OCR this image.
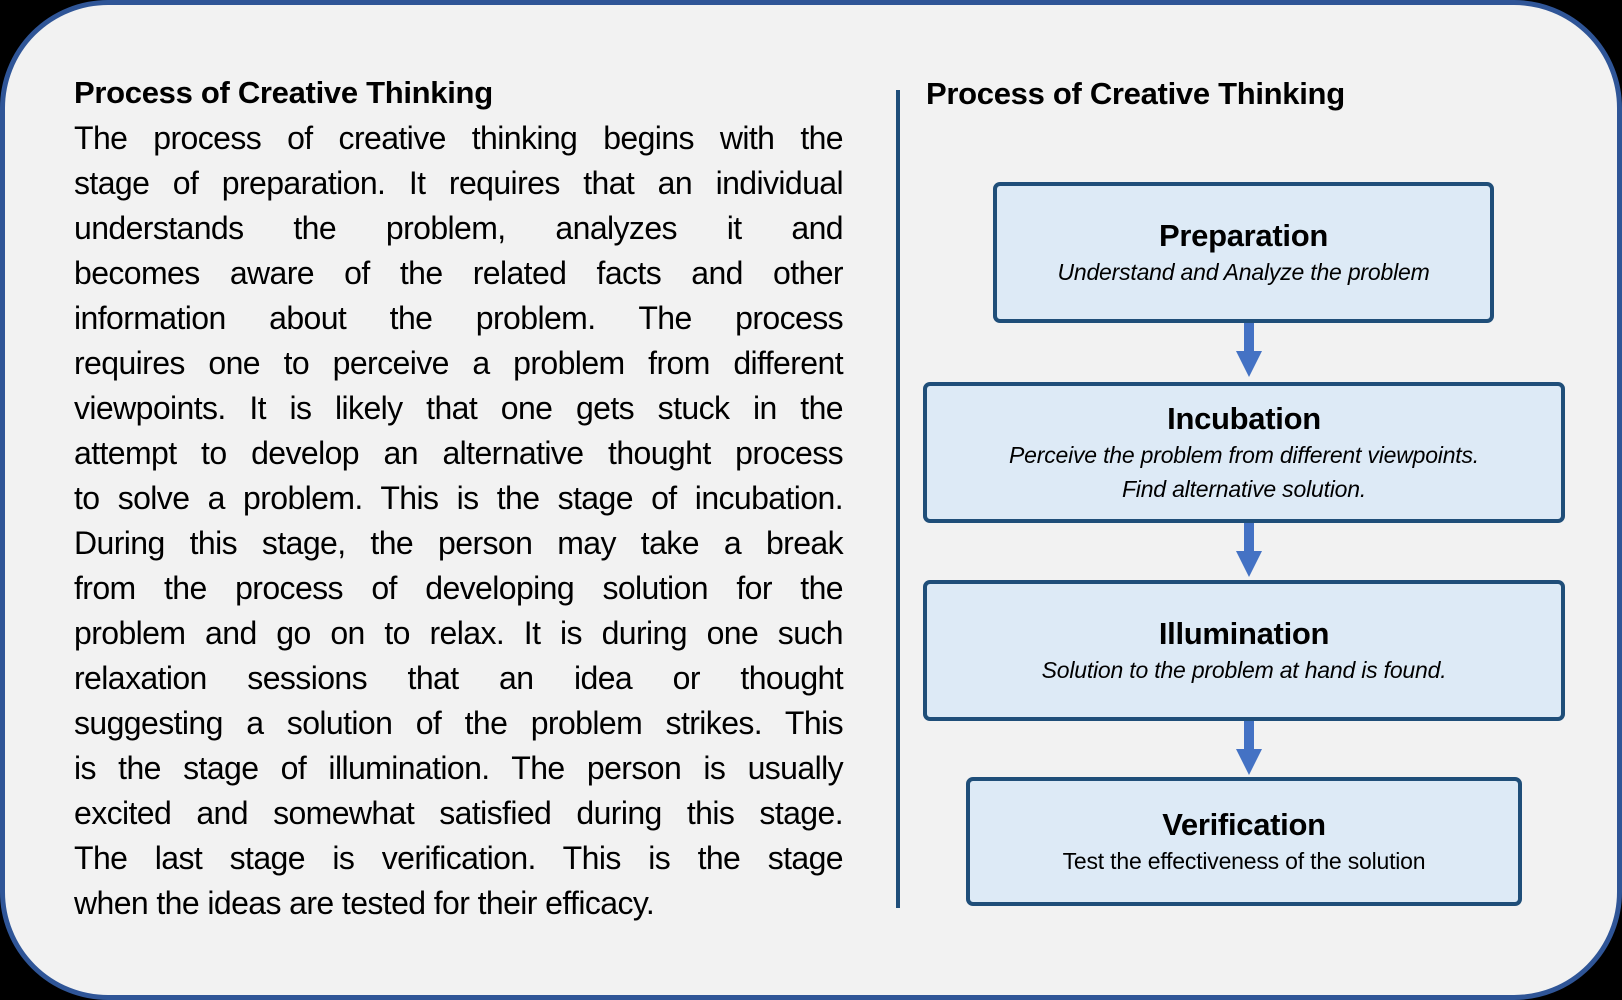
Process of Creative Thinking
The process of creative thinking begins with the
stage of preparation. It requires that an individual
understands the problem, analyzes it and
becomes aware of the related facts and other
information about the problem. The process
requires one to perceive a problem from different
viewpoints. It is likely that one gets stuck in the
attempt to develop an alternative thought process
to solve a problem. This is the stage of incubation.
During this stage, the person may take a break
from the process of developing solution for the
problem and go on to relax. It is during one such
relaxation sessions that an idea or thought
suggesting a solution of the problem strikes. This
is the stage of illumination. The person is usually
excited and somewhat satisfied during this stage.
The last stage is verification. This is the stage
when the ideas are tested for their efficacy.
Process of Creative Thinking
Preparation
Understand and Analyze the problem
Incubation
Perceive the problem from different viewpoints.
Find alternative solution.
Illumination
Solution to the problem at hand is found.
Verification
Test the effectiveness of the solution
